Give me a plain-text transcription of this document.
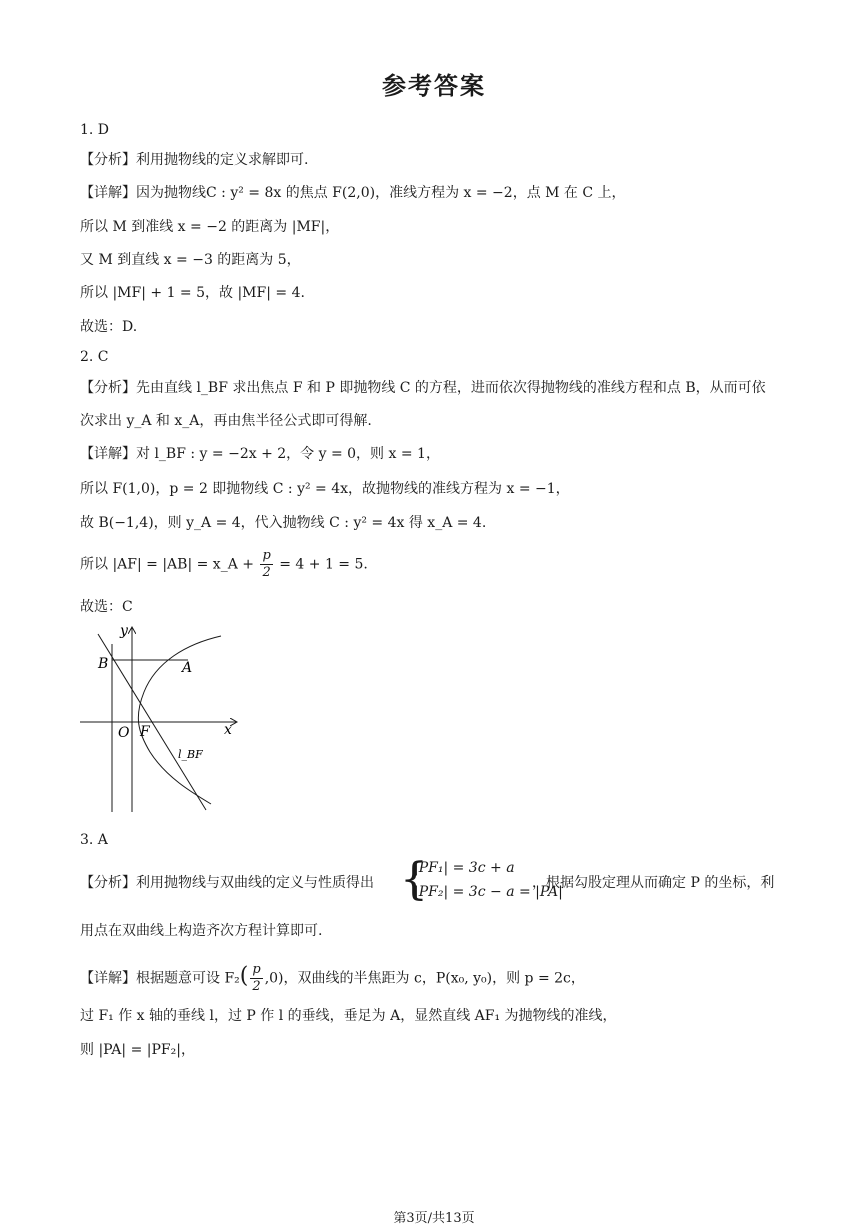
参考答案
1. D
【分析】利用抛物线的定义求解即可.
【详解】因为抛物线C : y² = 8x 的焦点 F(2,0)，准线方程为 x = −2，点 M 在 C 上，
所以 M 到准线 x = −2 的距离为 |MF|，
又 M 到直线 x = −3 的距离为 5，
所以 |MF| + 1 = 5，故 |MF| = 4.
故选：D.
2. C
【分析】先由直线 l_BF 求出焦点 F 和 P 即抛物线 C 的方程，进而依次得抛物线的准线方程和点 B，从而可依
次求出 y_A 和 x_A，再由焦半径公式即可得解.
【详解】对 l_BF : y = −2x + 2，令 y = 0，则 x = 1，
所以 F(1,0)，p = 2 即抛物线 C : y² = 4x，故抛物线的准线方程为 x = −1，
故 B(−1,4)，则 y_A = 4，代入抛物线 C : y² = 4x 得 x_A = 4.
所以 |AF| = |AB| = x_A + $\frac{p}{2} = 4 + 1 = 5$.
故选：C
y
x
B	A
O F
l_BF
3. A
【分析】利用抛物线与双曲线的定义与性质得出 {
|PF₁| = 3c + a
|PF₂| = 3c − a = |PA|
，根据勾股定理从而确定 P 的坐标，利
用点在双曲线上构造齐次方程计算即可.
【详解】根据题意可设 $F_2( \frac{p}{2} ,0)$，双曲线的半焦距为 c，P(x₀, y₀)，则 p = 2c，
过 F₁ 作 x 轴的垂线 l，过 P 作 l 的垂线，垂足为 A，显然直线 AF₁ 为抛物线的准线，
则 |PA| = |PF₂|，
第3页/共13页
